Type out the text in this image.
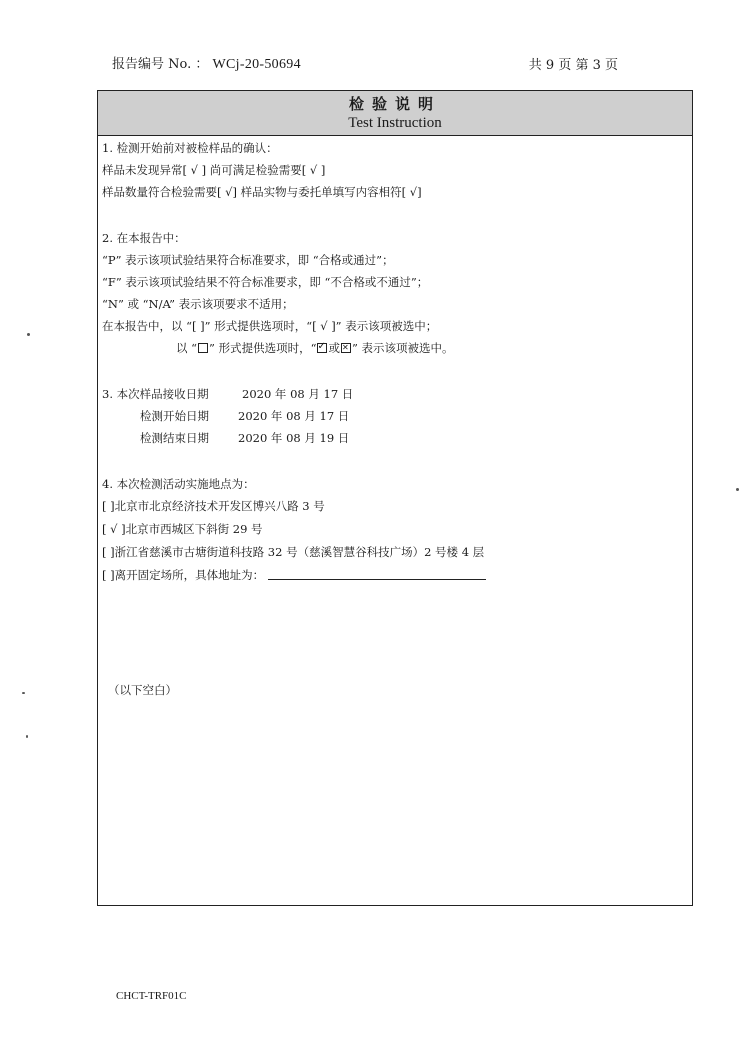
报告编号 No. ： WCj-20-50694	共 9 页 第 3 页
检验说明
Test Instruction
1. 检测开始前对被检样品的确认：
样品未发现异常[ √ ] 尚可满足检验需要[ √ ]
样品数量符合检验需要[ √] 样品实物与委托单填写内容相符[ √]
2. 在本报告中：
“P” 表示该项试验结果符合标准要求，即 “合格或通过”；
“F” 表示该项试验结果不符合标准要求，即 “不合格或不通过”；
“N” 或 “N/A” 表示该项要求不适用；
在本报告中，以 “[ ]” 形式提供选项时，“[ √ ]” 表示该项被选中；
以 “ ” 形式提供选项时，“ ✓ 或 ✕ ” 表示该项被选中。
3. 本次样品接收日期	2020 年 08 月 17 日
检测开始日期	2020 年 08 月 17 日
检测结束日期	2020 年 08 月 19 日
4. 本次检测活动实施地点为：
[ ]北京市北京经济技术开发区博兴八路 3 号
[ √ ]北京市西城区下斜街 29 号
[ ]浙江省慈溪市古塘街道科技路 32 号（慈溪智慧谷科技广场）2 号楼 4 层
[ ]离开固定场所，具体地址为：
（以下空白）
CHCT-TRF01C
